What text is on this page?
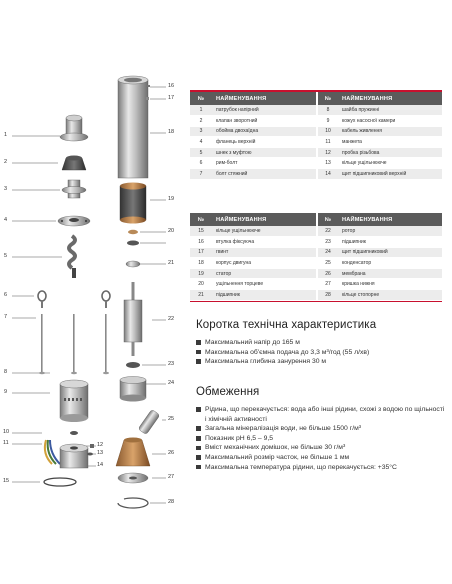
1
2
3
4
5
6
7
8
9
10
11	12
13
14
15
16
17
18
19
20
21
22
23
24
25
26
27
28
№	НАЙМЕНУВАННЯ
1	патрубок напірний
2	клапан зворотний
3	обойма двохаїдна
4	фланець верхній
5	шнек з муфтою
6	рим-болт
7	болт стяжний
№	НАЙМЕНУВАННЯ
8	шайба пружинні
9	кожух насосної камери
10	кабель живлення
11	манжета
12	пробка різьбова
13	кільце ущільнююче
14	щит підшипниковий верхній
№	НАЙМЕНУВАННЯ
15	кільце ущільнююче
16	втулка фіксуюча
17	гвинт
18	корпус двигуна
19	статор
20	ущільнення торцеве
21	підшипник
№	НАЙМЕНУВАННЯ
22	ротор
23	підшипник
24	щит підшипниковий
25	конденсатор
26	мембрана
27	кришка нижня
28	кільце стопорне
Коротка технічна характеристика
Максимальний напір до 165 м
Максимальна об'ємна подача до 3,3 м³/год (55 л/хв)
Максимальна глибина занурення 30 м
Обмеження
Рідина, що перекачується: вода або інші рідини, схожі з водою по щільності і хімічній активності
Загальна мінералізація води, не більше 1500 г/м³
Показник pH 6,5 – 9,5
Вміст механічних домішок, не більше 30 г/м³
Максимальний розмір часток, не більше 1 мм
Максимальна температура рідини, що перекачується: +35°С
